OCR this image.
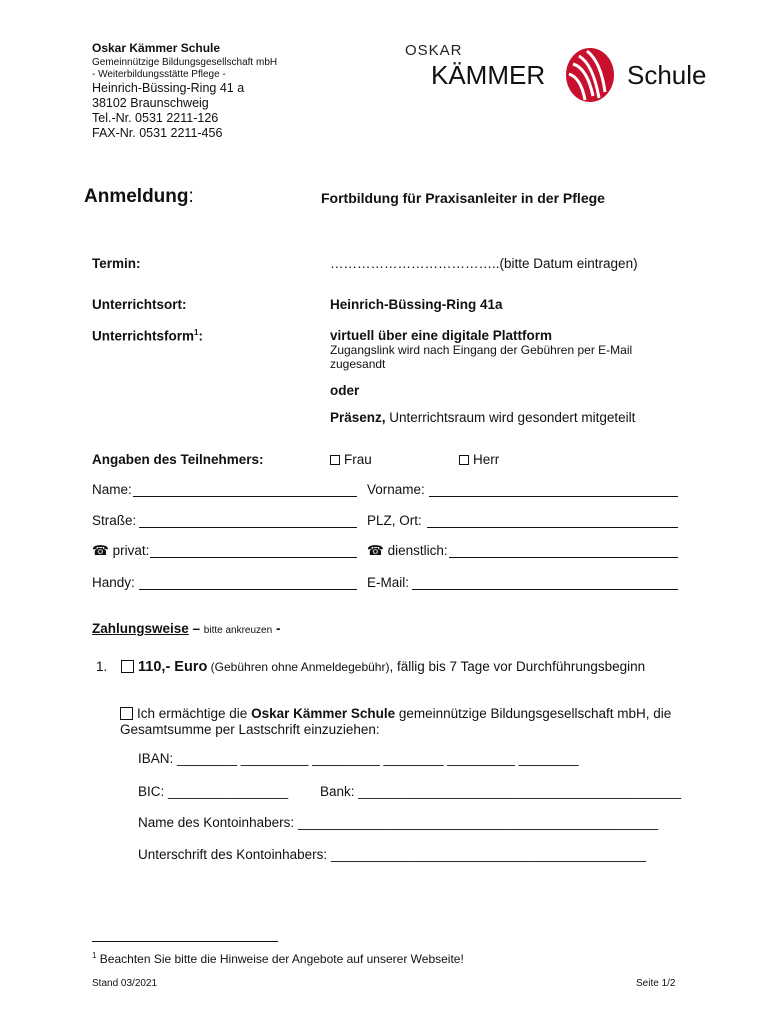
Oskar Kämmer Schule
Gemeinnützige Bildungsgesellschaft mbH
- Weiterbildungsstätte Pflege -
Heinrich-Büssing-Ring 41 a
38102 Braunschweig
Tel.-Nr. 0531 2211-126
FAX-Nr. 0531 2211-456
OSKAR
KÄMMER	Schule
Anmeldung:	Fortbildung für Praxisanleiter in der Pflege
Termin:	………………………………..(bitte Datum eintragen)
Unterrichtsort:	Heinrich-Büssing-Ring 41a
Unterrichtsform$^1$:	virtuell über eine digitale Plattform
Zugangslink wird nach Eingang der Gebühren per E-Mail
zugesandt
oder
Präsenz, Unterrichtsraum wird gesondert mitgeteilt
Angaben des Teilnehmers:	Frau	Herr
Name:	Vorname:
Straße:	PLZ, Ort:
☎ privat:	☎ dienstlich:
Handy:	E-Mail:
Zahlungsweise – bitte ankreuzen -
1. 110,- Euro (Gebühren ohne Anmeldegebühr), fällig bis 7 Tage vor Durchführungsbeginn
Ich ermächtige die Oskar Kämmer Schule gemeinnützige Bildungsgesellschaft mbH, die
Gesamtsumme per Lastschrift einzuziehen:
IBAN: ________ _________ _________ ________ _________ ________
BIC: ________________ Bank: ___________________________________________
Name des Kontoinhabers: ________________________________________________
Unterschrift des Kontoinhabers: __________________________________________
$^1$ Beachten Sie bitte die Hinweise der Angebote auf unserer Webseite!
Stand 03/2021	Seite 1/2
